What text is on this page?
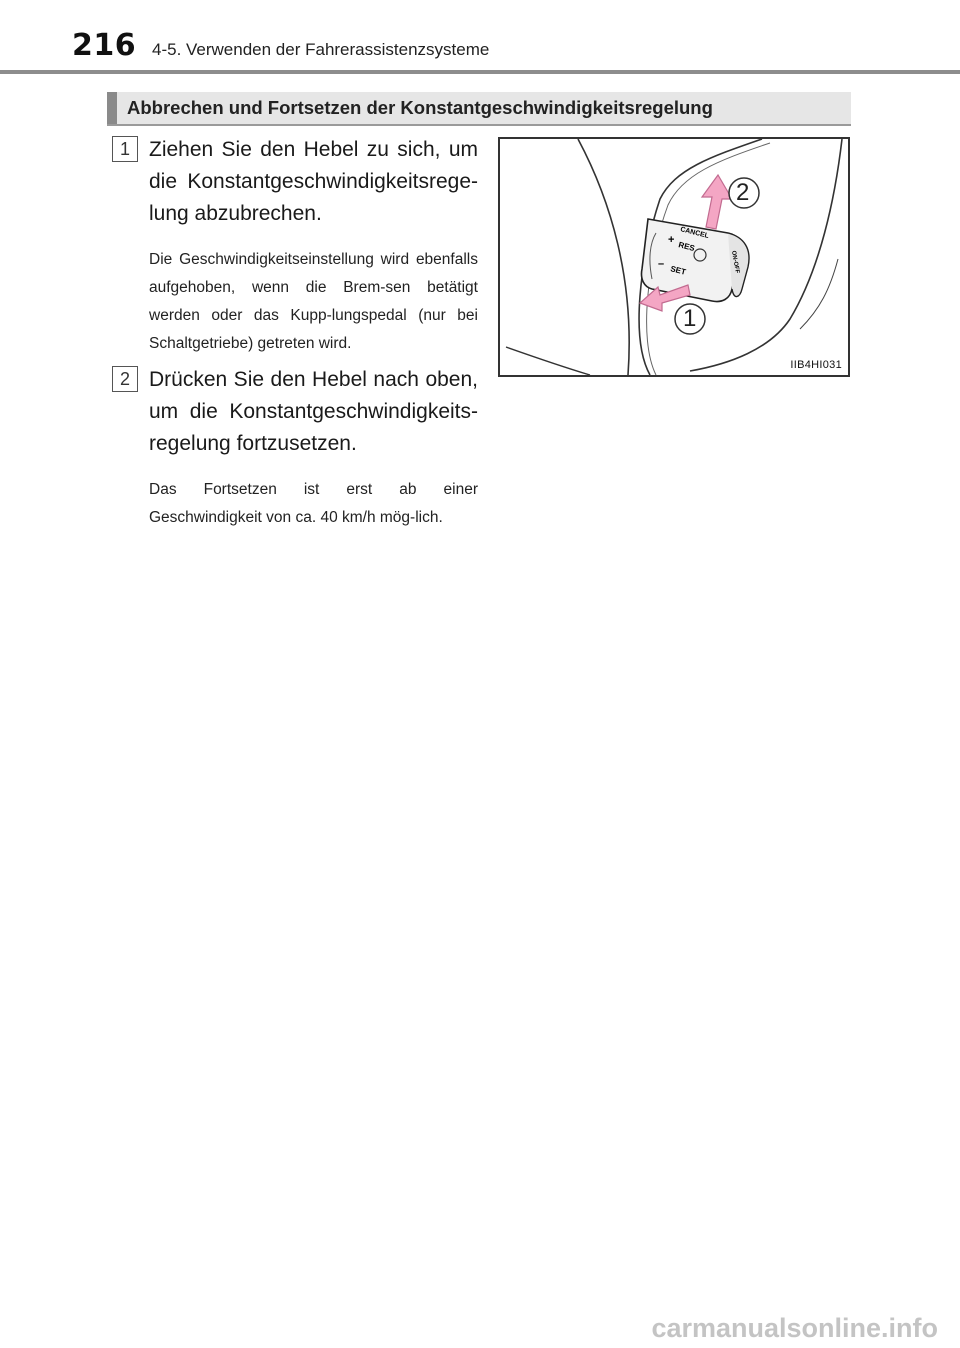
216 4-5. Verwenden der Fahrerassistenzsysteme
Abbrechen und Fortsetzen der Konstantgeschwindigkeitsregelung
1 Ziehen Sie den Hebel zu sich, um die Konstantgeschwindigkeitsrege-lung abzubrechen.
Die Geschwindigkeitseinstellung wird ebenfalls aufgehoben, wenn die Brem-sen betätigt werden oder das Kupp-lungspedal (nur bei Schaltgetriebe) getreten wird.
2 Drücken Sie den Hebel nach oben, um die Konstantgeschwindigkeits-regelung fortzusetzen.
Das Fortsetzen ist erst ab einer Geschwindigkeit von ca. 40 km/h mög-lich.
CANCEL
+
RES
–
SET	ON-OFF
2
1
IIB4HI031
carmanualsonline.info
